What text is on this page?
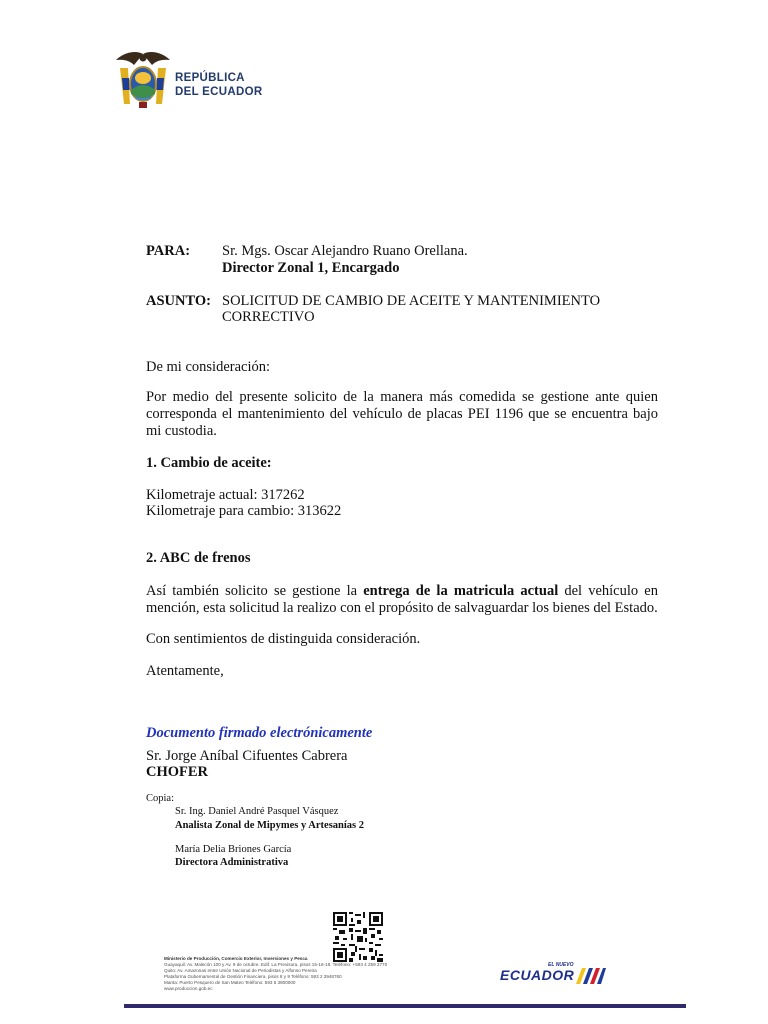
REPÚBLICA
DEL ECUADOR
PARA:	Sr. Mgs. Oscar Alejandro Ruano Orellana.
Director Zonal 1, Encargado
ASUNTO: SOLICITUD DE CAMBIO DE ACEITE Y MANTENIMIENTO
CORRECTIVO
De mi consideración:
Por medio del presente solicito de la manera más comedida se gestione ante quien corresponda el mantenimiento del vehículo de placas PEI 1196 que se encuentra bajo mi custodia.
1. Cambio de aceite:
Kilometraje actual: 317262
Kilometraje para cambio: 313622
2. ABC de frenos
Así también solicito se gestione la entrega de la matricula actual del vehículo en mención, esta solicitud la realizo con el propósito de salvaguardar los bienes del Estado.
Con sentimientos de distinguida consideración.
Atentamente,
Documento firmado electrónicamente
Sr. Jorge Aníbal Cifuentes Cabrera
CHOFER
Copia:
Sr. Ing. Daniel André Pasquel Vásquez
Analista Zonal de Mipymes y Artesanías 2
María Delia Briones García
Directora Administrativa
Ministerio de Producción, Comercio Exterior, Inversiones y Pesca
Guayaquil: Av. Malecón 100 y Av. 9 de octubre. Edif. La Previsora, pisos 15-16-18. Teléfono: +593 4 259 3770
Quito: Av. Amazonas entre Unión Nacional de Periodistas y Alfonso Pereira
Plataforma Gubernamental de Gestión Financiera, pisos 8 y 9 Teléfono: 593 2 3948760
Manta: Puerto Pesquero de San Mateo Teléfono: 593 5 3800000
www.produccion.gob.ec
EL NUEVO
ECUADOR
